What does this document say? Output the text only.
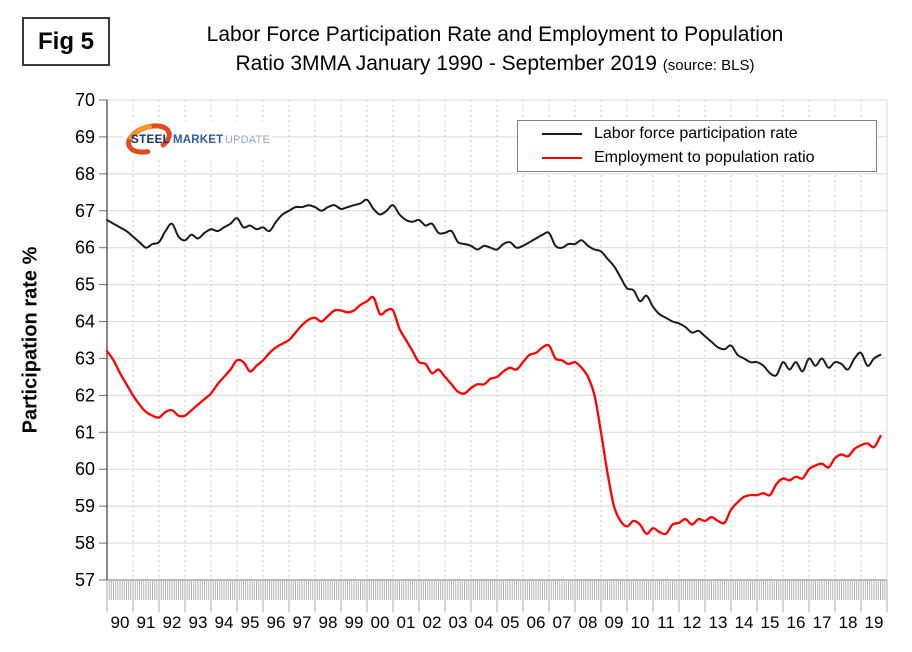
57
58
59
60
61
62
63
64
65
66
67
68
69
70
90 91 92 93 94 95 96 97 98 99 00 01 02 03 04 05 06 07 08 09 10 11 12 13 14 15 16 17 18 19
Fig 5	Labor Force Participation Rate and Employment to Population
Ratio 3MMA January 1990 - September 2019 (source: BLS)
Participation rate %
STEEL MARKET UPDATE	Labor force participation rate
Employment to population ratio
